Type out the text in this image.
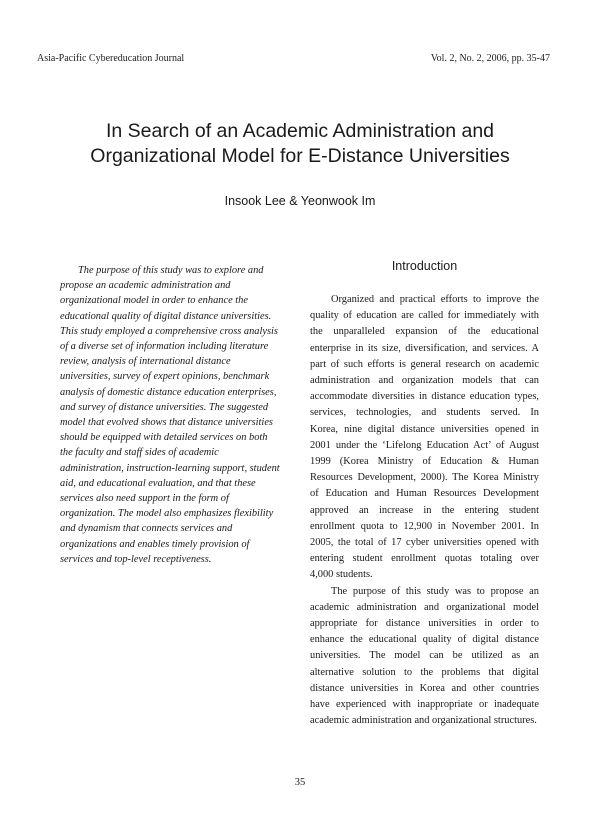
Asia-Pacific Cybereducation Journal	Vol. 2, No. 2, 2006, pp. 35-47
In Search of an Academic Administration and
Organizational Model for E-Distance Universities
Insook Lee & Yeonwook Im
The purpose of this study was to explore and
propose an academic administration and
organizational model in order to enhance the
educational quality of digital distance universities.
This study employed a comprehensive cross analysis
of a diverse set of information including literature
review, analysis of international distance
universities, survey of expert opinions, benchmark
analysis of domestic distance education enterprises,
and survey of distance universities. The suggested
model that evolved shows that distance universities
should be equipped with detailed services on both
the faculty and staff sides of academic
administration, instruction-learning support, student
aid, and educational evaluation, and that these
services also need support in the form of
organization. The model also emphasizes flexibility
and dynamism that connects services and
organizations and enables timely provision of
services and top-level receptiveness.
Introduction
Organized and practical efforts to improve the
quality of education are called for immediately with
the unparalleled expansion of the educational
enterprise in its size, diversification, and services. A
part of such efforts is general research on academic
administration and organization models that can
accommodate diversities in distance education types,
services, technologies, and students served. In
Korea, nine digital distance universities opened in
2001 under the ‘Lifelong Education Act’ of August
1999 (Korea Ministry of Education & Human
Resources Development, 2000). The Korea Ministry
of Education and Human Resources Development
approved an increase in the entering student
enrollment quota to 12,900 in November 2001. In
2005, the total of 17 cyber universities opened with
entering student enrollment quotas totaling over
4,000 students.
The purpose of this study was to propose an
academic administration and organizational model
appropriate for distance universities in order to
enhance the educational quality of digital distance
universities. The model can be utilized as an
alternative solution to the problems that digital
distance universities in Korea and other countries
have experienced with inappropriate or inadequate
academic administration and organizational structures.
35
